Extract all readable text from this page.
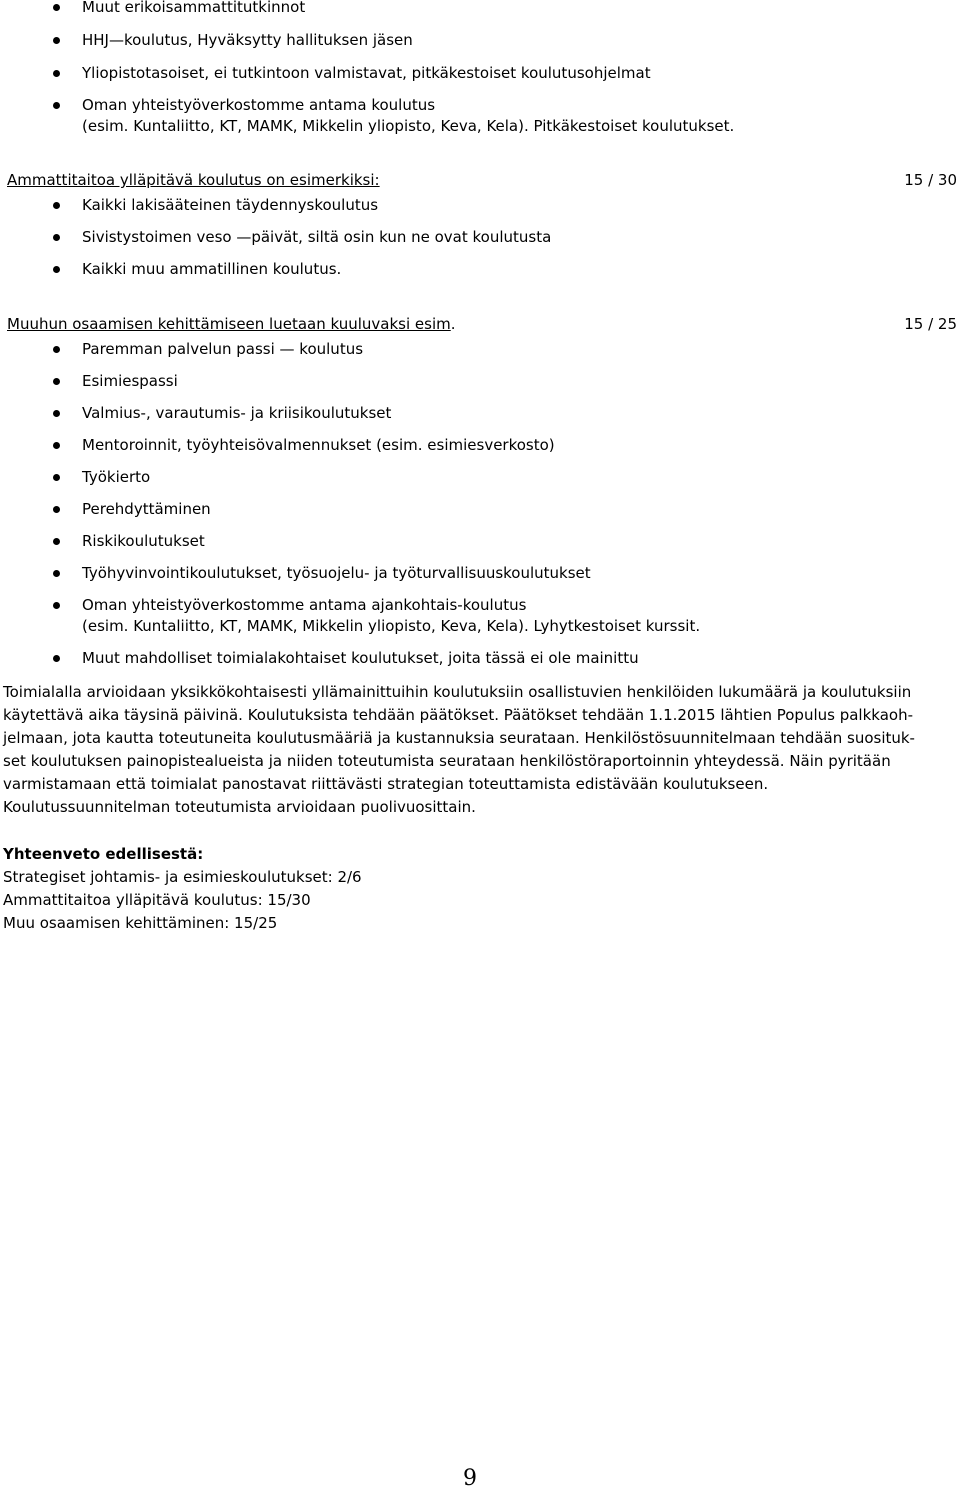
Muut erikoisammattitutkinnot
HHJ—koulutus, Hyväksytty hallituksen jäsen
Yliopistotasoiset, ei tutkintoon valmistavat, pitkäkestoiset koulutusohjelmat
Oman yhteistyöverkostomme antama koulutus
(esim. Kuntaliitto, KT, MAMK, Mikkelin yliopisto, Keva, Kela). Pitkäkestoiset koulutukset.
Ammattitaitoa ylläpitävä koulutus on esimerkiksi:	15 / 30
Kaikki lakisääteinen täydennyskoulutus
Sivistystoimen veso —päivät, siltä osin kun ne ovat koulutusta
Kaikki muu ammatillinen koulutus.
Muuhun osaamisen kehittämiseen luetaan kuuluvaksi esim.	15 / 25
Paremman palvelun passi — koulutus
Esimiespassi
Valmius-, varautumis- ja kriisikoulutukset
Mentoroinnit, työyhteisövalmennukset (esim. esimiesverkosto)
Työkierto
Perehdyttäminen
Riskikoulutukset
Työhyvinvointikoulutukset, työsuojelu- ja työturvallisuuskoulutukset
Oman yhteistyöverkostomme antama ajankohtais-koulutus
(esim. Kuntaliitto, KT, MAMK, Mikkelin yliopisto, Keva, Kela). Lyhytkestoiset kurssit.
Muut mahdolliset toimialakohtaiset koulutukset, joita tässä ei ole mainittu
Toimialalla arvioidaan yksikkökohtaisesti yllämainittuihin koulutuksiin osallistuvien henkilöiden lukumäärä ja koulutuksiin
käytettävä aika täysinä päivinä. Koulutuksista tehdään päätökset. Päätökset tehdään 1.1.2015 lähtien Populus palkkaoh-
jelmaan, jota kautta toteutuneita koulutusmääriä ja kustannuksia seurataan. Henkilöstösuunnitelmaan tehdään suosituk-
set koulutuksen painopistealueista ja niiden toteutumista seurataan henkilöstöraportoinnin yhteydessä. Näin pyritään
varmistamaan että toimialat panostavat riittävästi strategian toteuttamista edistävään koulutukseen.
Koulutussuunnitelman toteutumista arvioidaan puolivuosittain.
Yhteenveto edellisestä:
Strategiset johtamis- ja esimieskoulutukset: 2/6
Ammattitaitoa ylläpitävä koulutus: 15/30
Muu osaamisen kehittäminen: 15/25
9
